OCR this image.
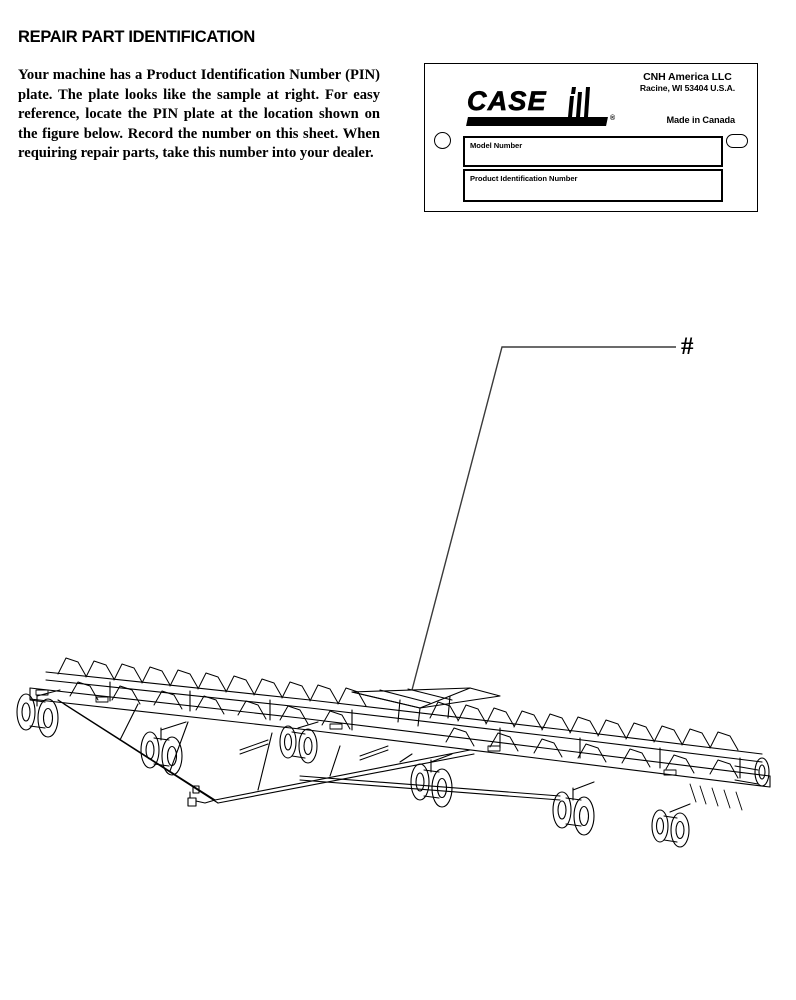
REPAIR PART IDENTIFICATION
Your machine has a Product Identification Number (PIN) plate. The plate looks like the sample at right. For easy reference, locate the PIN plate at the location shown on the figure below. Record the number on this sheet. When requiring repair parts, take this number into your dealer.
CNH America LLC
Racine, WI 53404 U.S.A.
Made in Canada
CASE
®
Model Number
Product Identification Number
#
